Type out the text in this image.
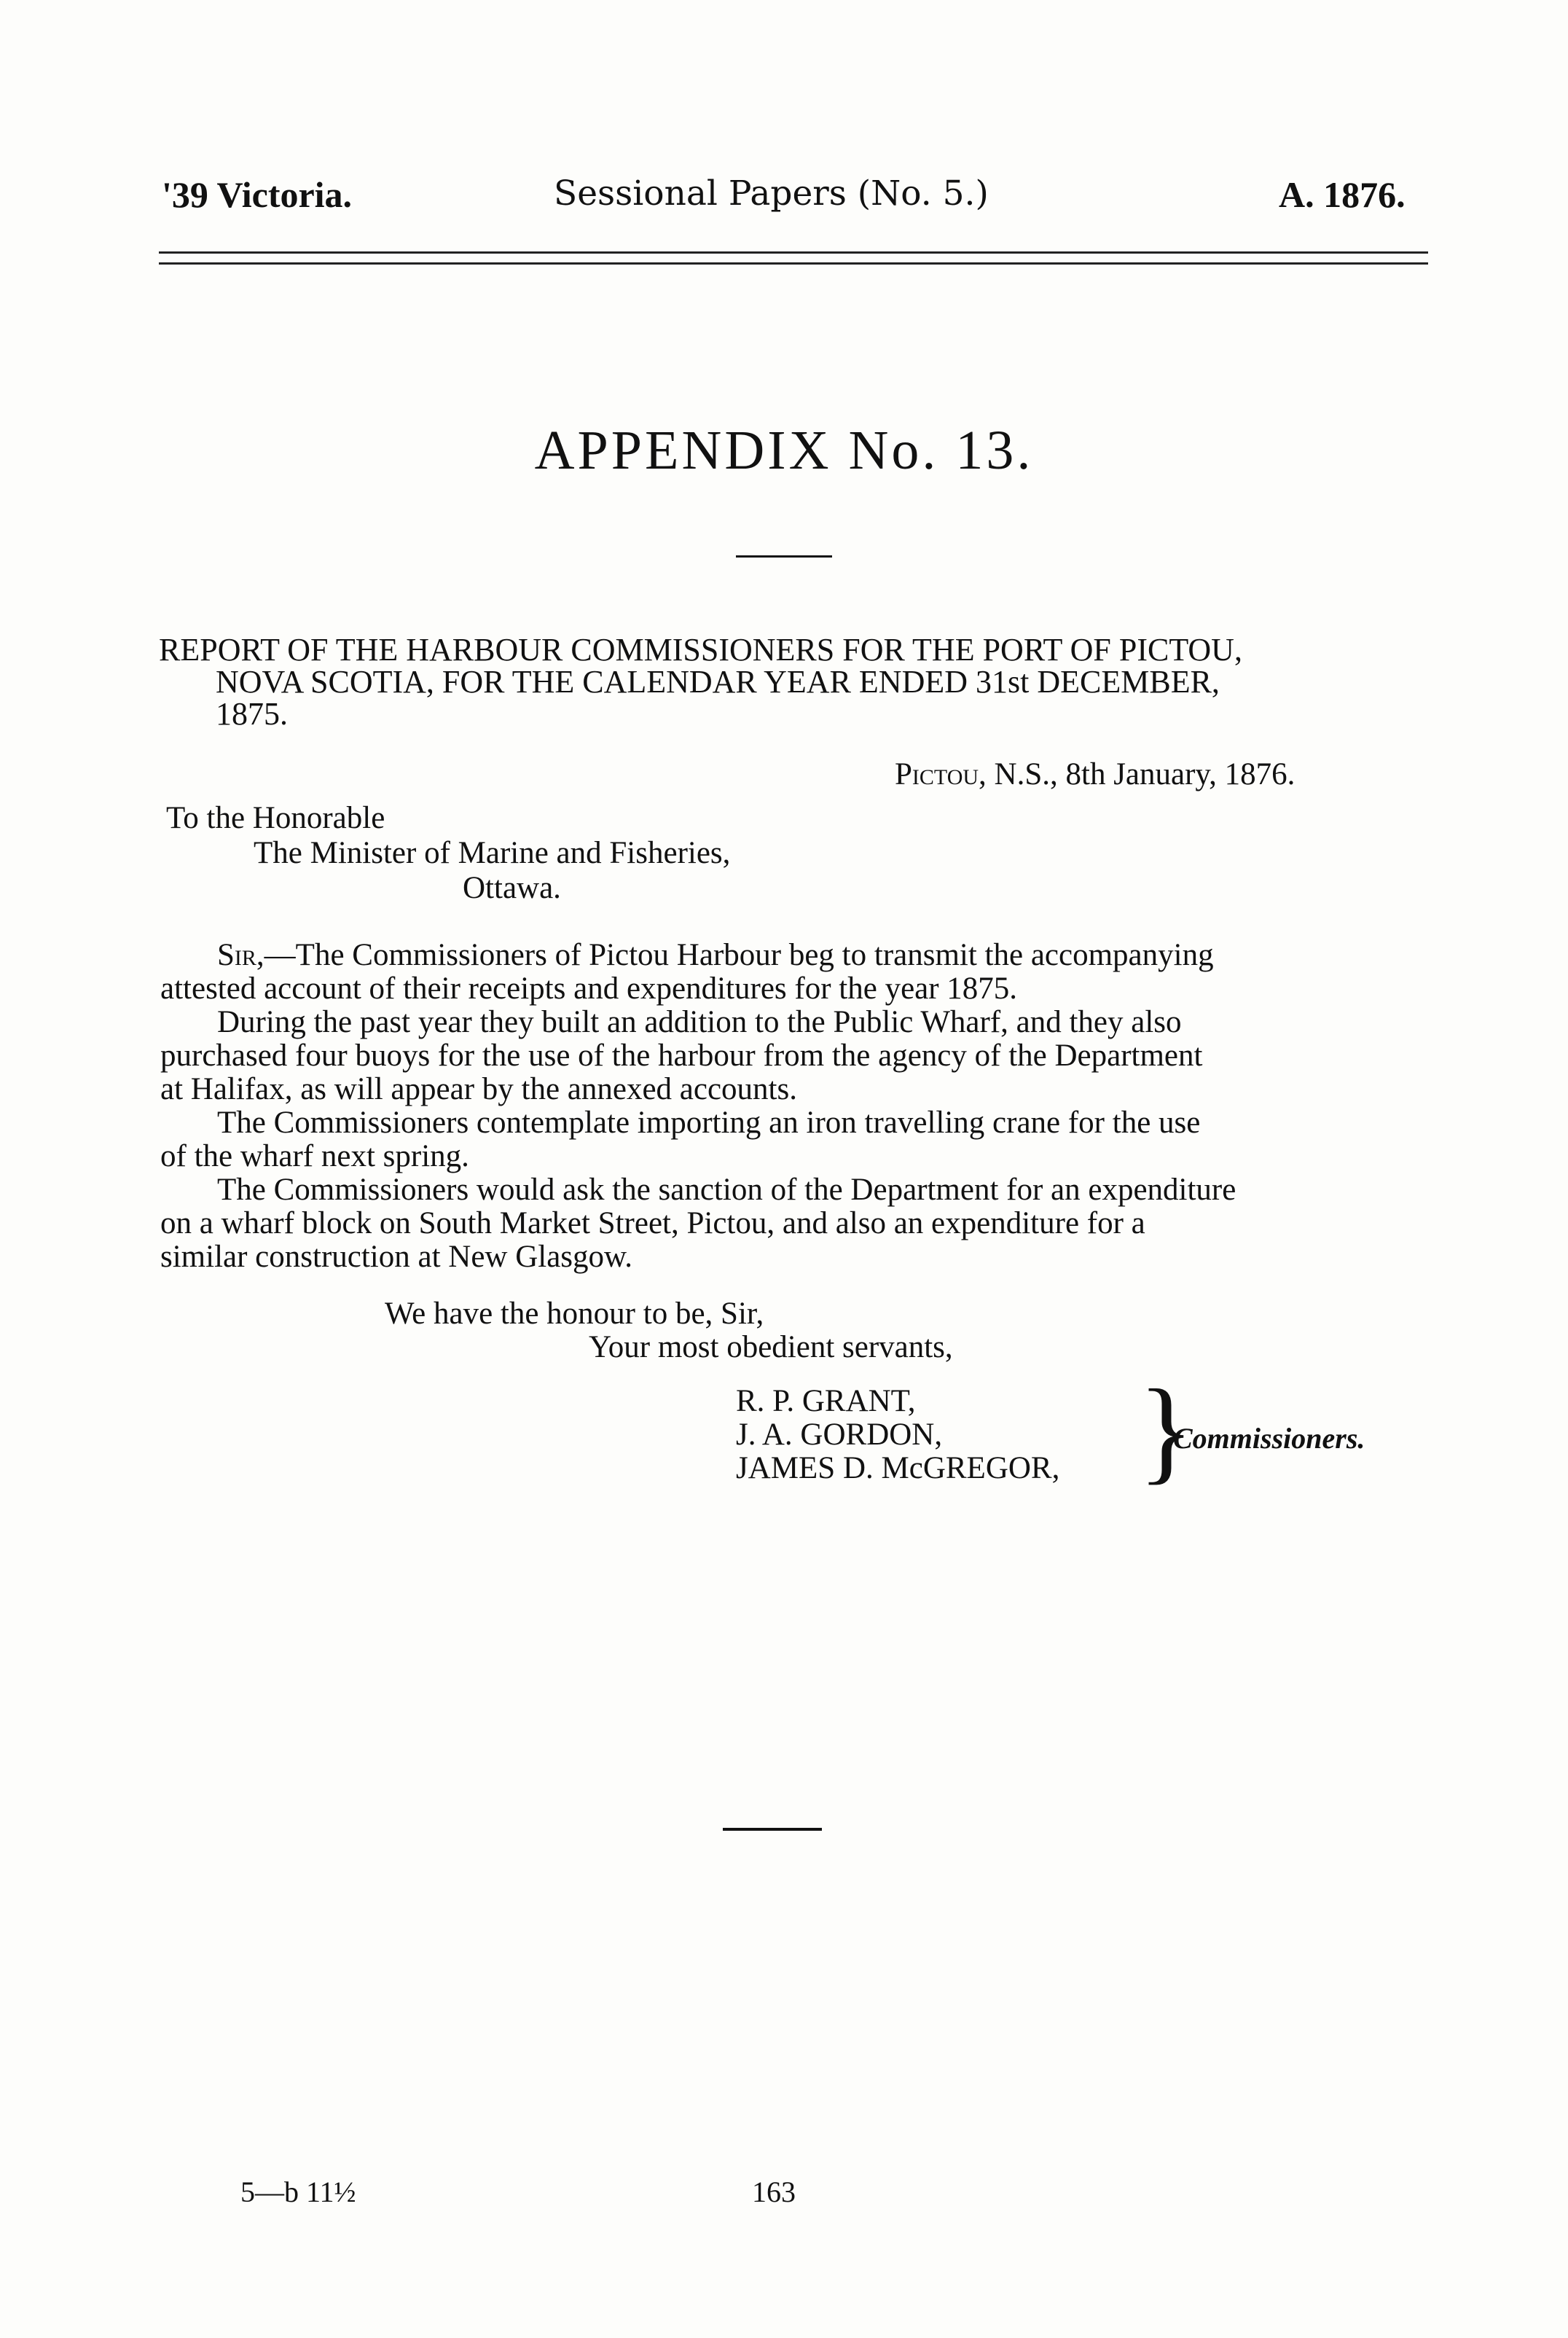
'39 Victoria.	Sessional Papers (No. 5.)	A. 1876.
APPENDIX No. 13.
REPORT OF THE HARBOUR COMMISSIONERS FOR THE PORT OF PICTOU,
NOVA SCOTIA, FOR THE CALENDAR YEAR ENDED 31st DECEMBER,
1875.
Pictou, N.S., 8th January, 1876.
To the Honorable
The Minister of Marine and Fisheries,
Ottawa.
Sir,—The Commissioners of Pictou Harbour beg to transmit the accompanying
attested account of their receipts and expenditures for the year 1875.
During the past year they built an addition to the Public Wharf, and they also
purchased four buoys for the use of the harbour from the agency of the Department
at Halifax, as will appear by the annexed accounts.
The Commissioners contemplate importing an iron travelling crane for the use
of the wharf next spring.
The Commissioners would ask the sanction of the Department for an expenditure
on a wharf block on South Market Street, Pictou, and also an expenditure for a
similar construction at New Glasgow.
We have the honour to be, Sir,
Your most obedient servants,
R. P. GRANT,
J. A. GORDON,
JAMES D. McGREGOR, }
Commissioners.
5—b 11½	163
